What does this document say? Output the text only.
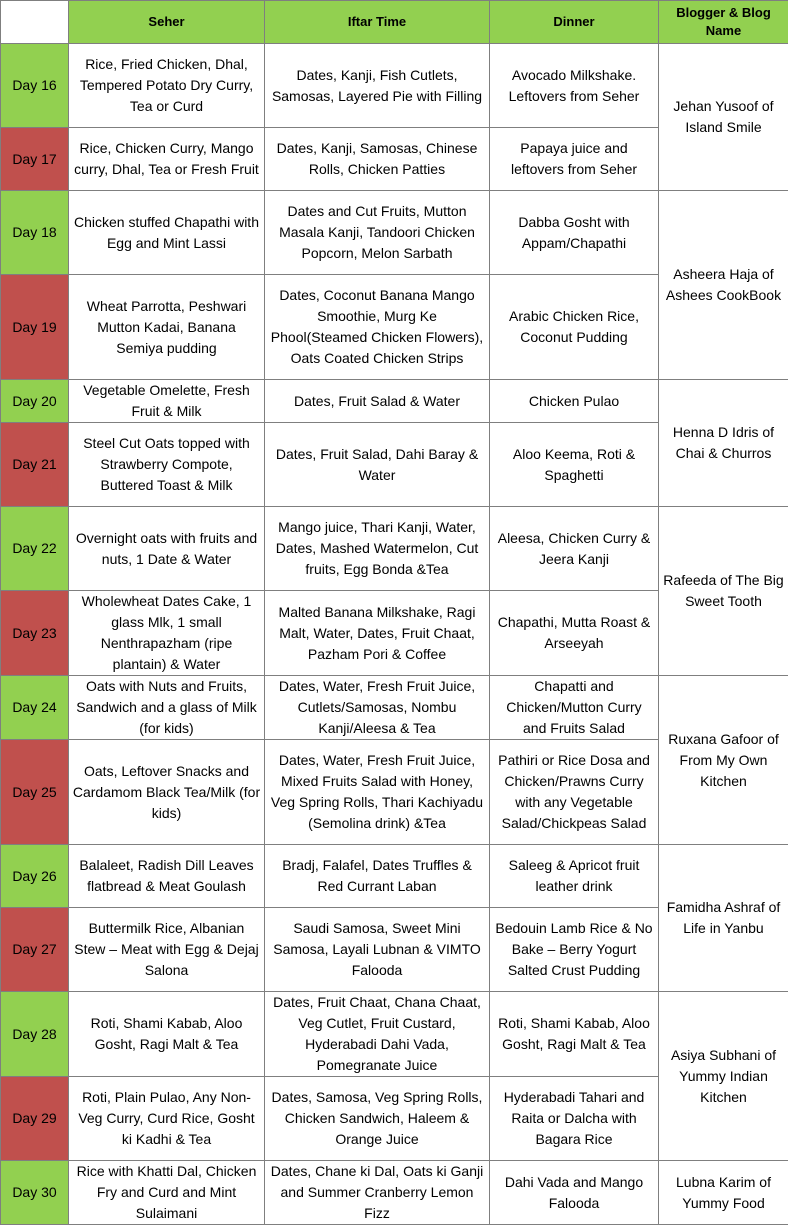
	Seher	Iftar Time	Dinner	Blogger & Blog Name
Day 16	Rice, Fried Chicken, Dhal, Tempered Potato Dry Curry, Tea or Curd	Dates, Kanji, Fish Cutlets, Samosas, Layered Pie with Filling	Avocado Milkshake. Leftovers from Seher	Jehan Yusoof of Island Smile
Day 17	Rice, Chicken Curry, Mango curry, Dhal, Tea or Fresh Fruit	Dates, Kanji, Samosas, Chinese Rolls, Chicken Patties	Papaya juice and leftovers from Seher	
Day 18	Chicken stuffed Chapathi with Egg and Mint Lassi	Dates and Cut Fruits, Mutton Masala Kanji, Tandoori Chicken Popcorn, Melon Sarbath	Dabba Gosht with Appam/Chapathi	Asheera Haja of Ashees CookBook
Day 19	Wheat Parrotta, Peshwari Mutton Kadai, Banana Semiya pudding	Dates, Coconut Banana Mango Smoothie, Murg Ke Phool(Steamed Chicken Flowers), Oats Coated Chicken Strips	Arabic Chicken Rice, Coconut Pudding	
Day 20	Vegetable Omelette, Fresh Fruit & Milk	Dates, Fruit Salad & Water	Chicken Pulao	Henna D Idris of Chai & Churros
Day 21	Steel Cut Oats topped with Strawberry Compote, Buttered Toast & Milk	Dates, Fruit Salad, Dahi Baray & Water	Aloo Keema, Roti & Spaghetti	
Day 22	Overnight oats with fruits and nuts, 1 Date & Water	Mango juice, Thari Kanji, Water, Dates, Mashed Watermelon, Cut fruits, Egg Bonda &Tea	Aleesa, Chicken Curry & Jeera Kanji	Rafeeda of The Big Sweet Tooth
Day 23	Wholewheat Dates Cake, 1 glass Mlk, 1 small Nenthrapazham (ripe plantain) & Water	Malted Banana Milkshake, Ragi Malt, Water, Dates, Fruit Chaat, Pazham Pori & Coffee	Chapathi, Mutta Roast & Arseeyah	
Day 24	Oats with Nuts and Fruits, Sandwich and a glass of Milk (for kids)	Dates, Water, Fresh Fruit Juice, Cutlets/Samosas, Nombu Kanji/Aleesa & Tea	Chapatti and Chicken/Mutton Curry and Fruits Salad	Ruxana Gafoor of From My Own Kitchen
Day 25	Oats, Leftover Snacks and Cardamom Black Tea/Milk (for kids)	Dates, Water, Fresh Fruit Juice, Mixed Fruits Salad with Honey, Veg Spring Rolls, Thari Kachiyadu (Semolina drink) &Tea	Pathiri or Rice Dosa and Chicken/Prawns Curry with any Vegetable Salad/Chickpeas Salad	
Day 26	Balaleet, Radish Dill Leaves flatbread & Meat Goulash	Bradj, Falafel, Dates Truffles & Red Currant Laban	Saleeg & Apricot fruit leather drink	Famidha Ashraf of Life in Yanbu
Day 27	Buttermilk Rice, Albanian Stew – Meat with Egg & Dejaj Salona	Saudi Samosa, Sweet Mini Samosa, Layali Lubnan & VIMTO Falooda	Bedouin Lamb Rice & No Bake – Berry Yogurt Salted Crust Pudding	
Day 28	Roti, Shami Kabab, Aloo Gosht, Ragi Malt & Tea	Dates, Fruit Chaat, Chana Chaat, Veg Cutlet, Fruit Custard, Hyderabadi Dahi Vada, Pomegranate Juice	Roti, Shami Kabab, Aloo Gosht, Ragi Malt & Tea	Asiya Subhani of Yummy Indian Kitchen
Day 29	Roti, Plain Pulao, Any Non-Veg Curry, Curd Rice, Gosht ki Kadhi & Tea	Dates, Samosa, Veg Spring Rolls, Chicken Sandwich, Haleem & Orange Juice	Hyderabadi Tahari and Raita or Dalcha with Bagara Rice	
Day 30	Rice with Khatti Dal, Chicken Fry and Curd and Mint Sulaimani	Dates, Chane ki Dal, Oats ki Ganji and Summer Cranberry Lemon Fizz	Dahi Vada and Mango Falooda	Lubna Karim of Yummy Food
